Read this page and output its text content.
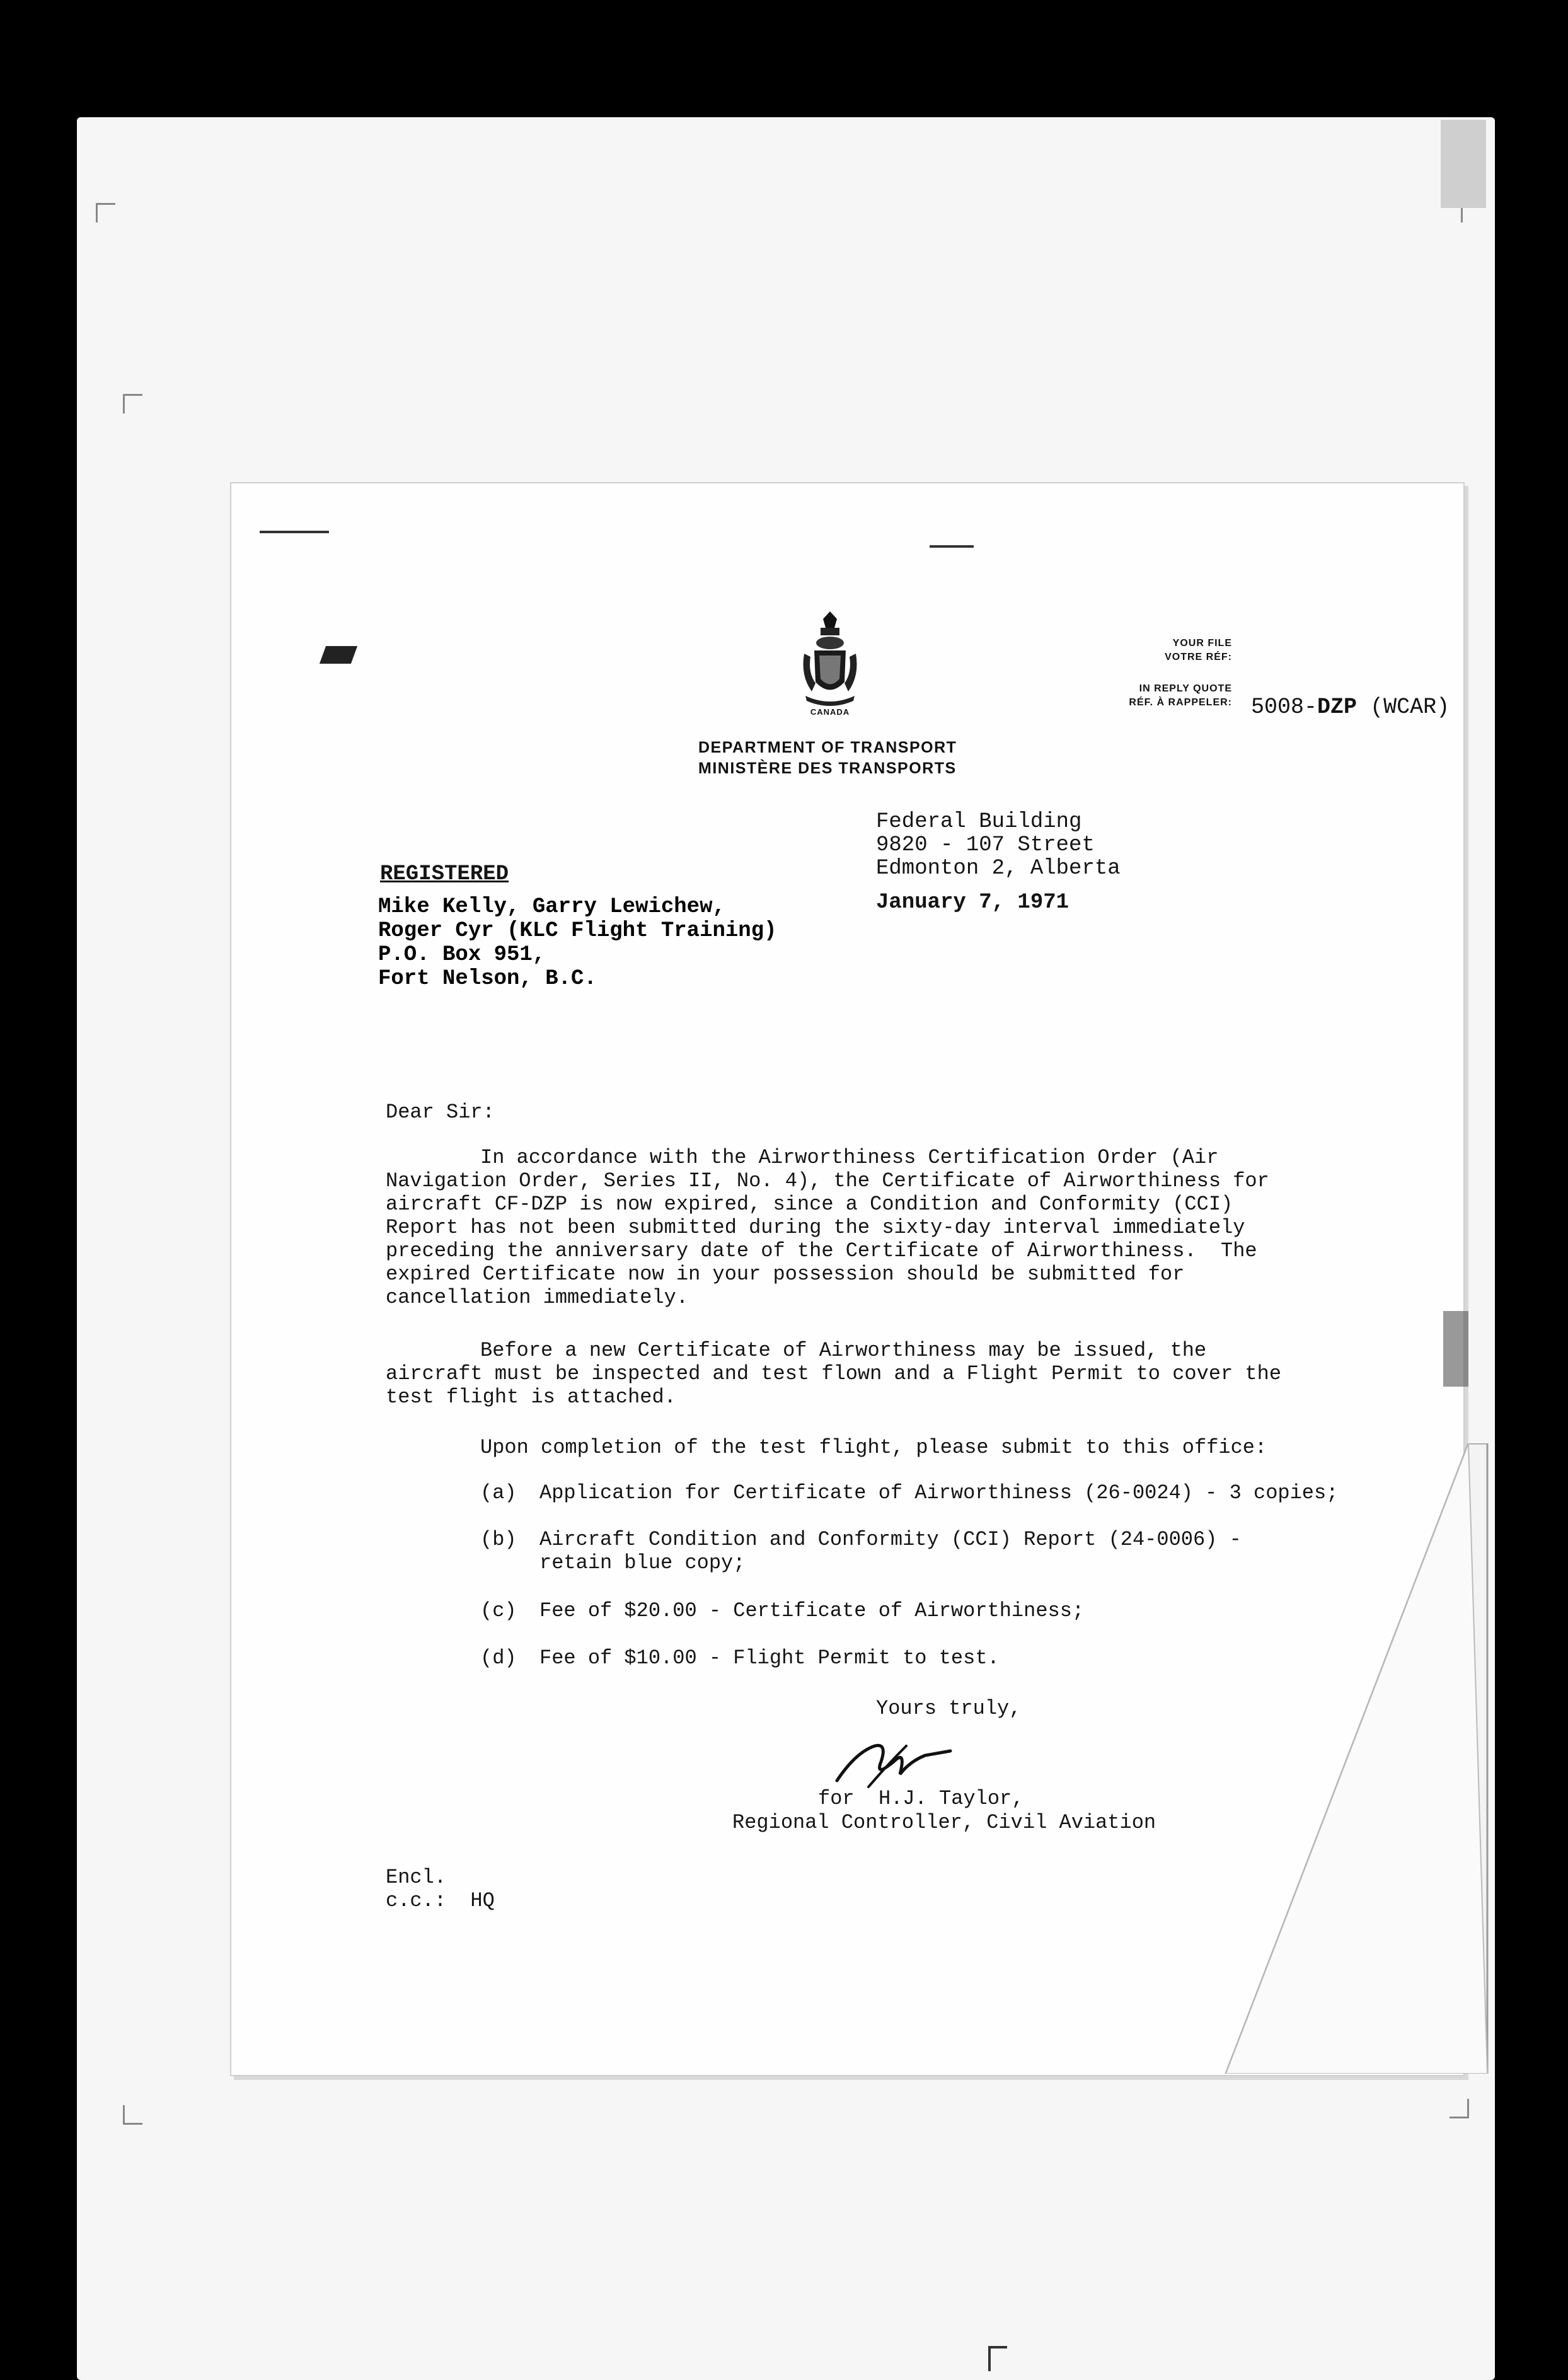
CANADA
DEPARTMENT OF TRANSPORT
MINISTÈRE DES TRANSPORTS
YOUR FILE
VOTRE RÉF:
IN REPLY QUOTE
RÉF. À RAPPELER: 5008-DZP (WCAR)
Federal Building
9820 - 107 Street
Edmonton 2, Alberta
January 7, 1971
REGISTERED
Mike Kelly, Garry Lewichew,
Roger Cyr (KLC Flight Training)
P.O. Box 951,
Fort Nelson, B.C.
Dear Sir:
In accordance with the Airworthiness Certification Order (Air
Navigation Order, Series II, No. 4), the Certificate of Airworthiness for
aircraft CF-DZP is now expired, since a Condition and Conformity (CCI)
Report has not been submitted during the sixty-day interval immediately
preceding the anniversary date of the Certificate of Airworthiness.  The
expired Certificate now in your possession should be submitted for
cancellation immediately.
Before a new Certificate of Airworthiness may be issued, the
aircraft must be inspected and test flown and a Flight Permit to cover the
test flight is attached.
Upon completion of the test flight, please submit to this office:
(a) Application for Certificate of Airworthiness (26-0024) - 3 copies;
(b) Aircraft Condition and Conformity (CCI) Report (24-0006) -
retain blue copy;
(c) Fee of $20.00 - Certificate of Airworthiness;
(d) Fee of $10.00 - Flight Permit to test.
Yours truly,
for  H.J. Taylor,
Regional Controller, Civil Aviation
Encl.
c.c.:  HQ
